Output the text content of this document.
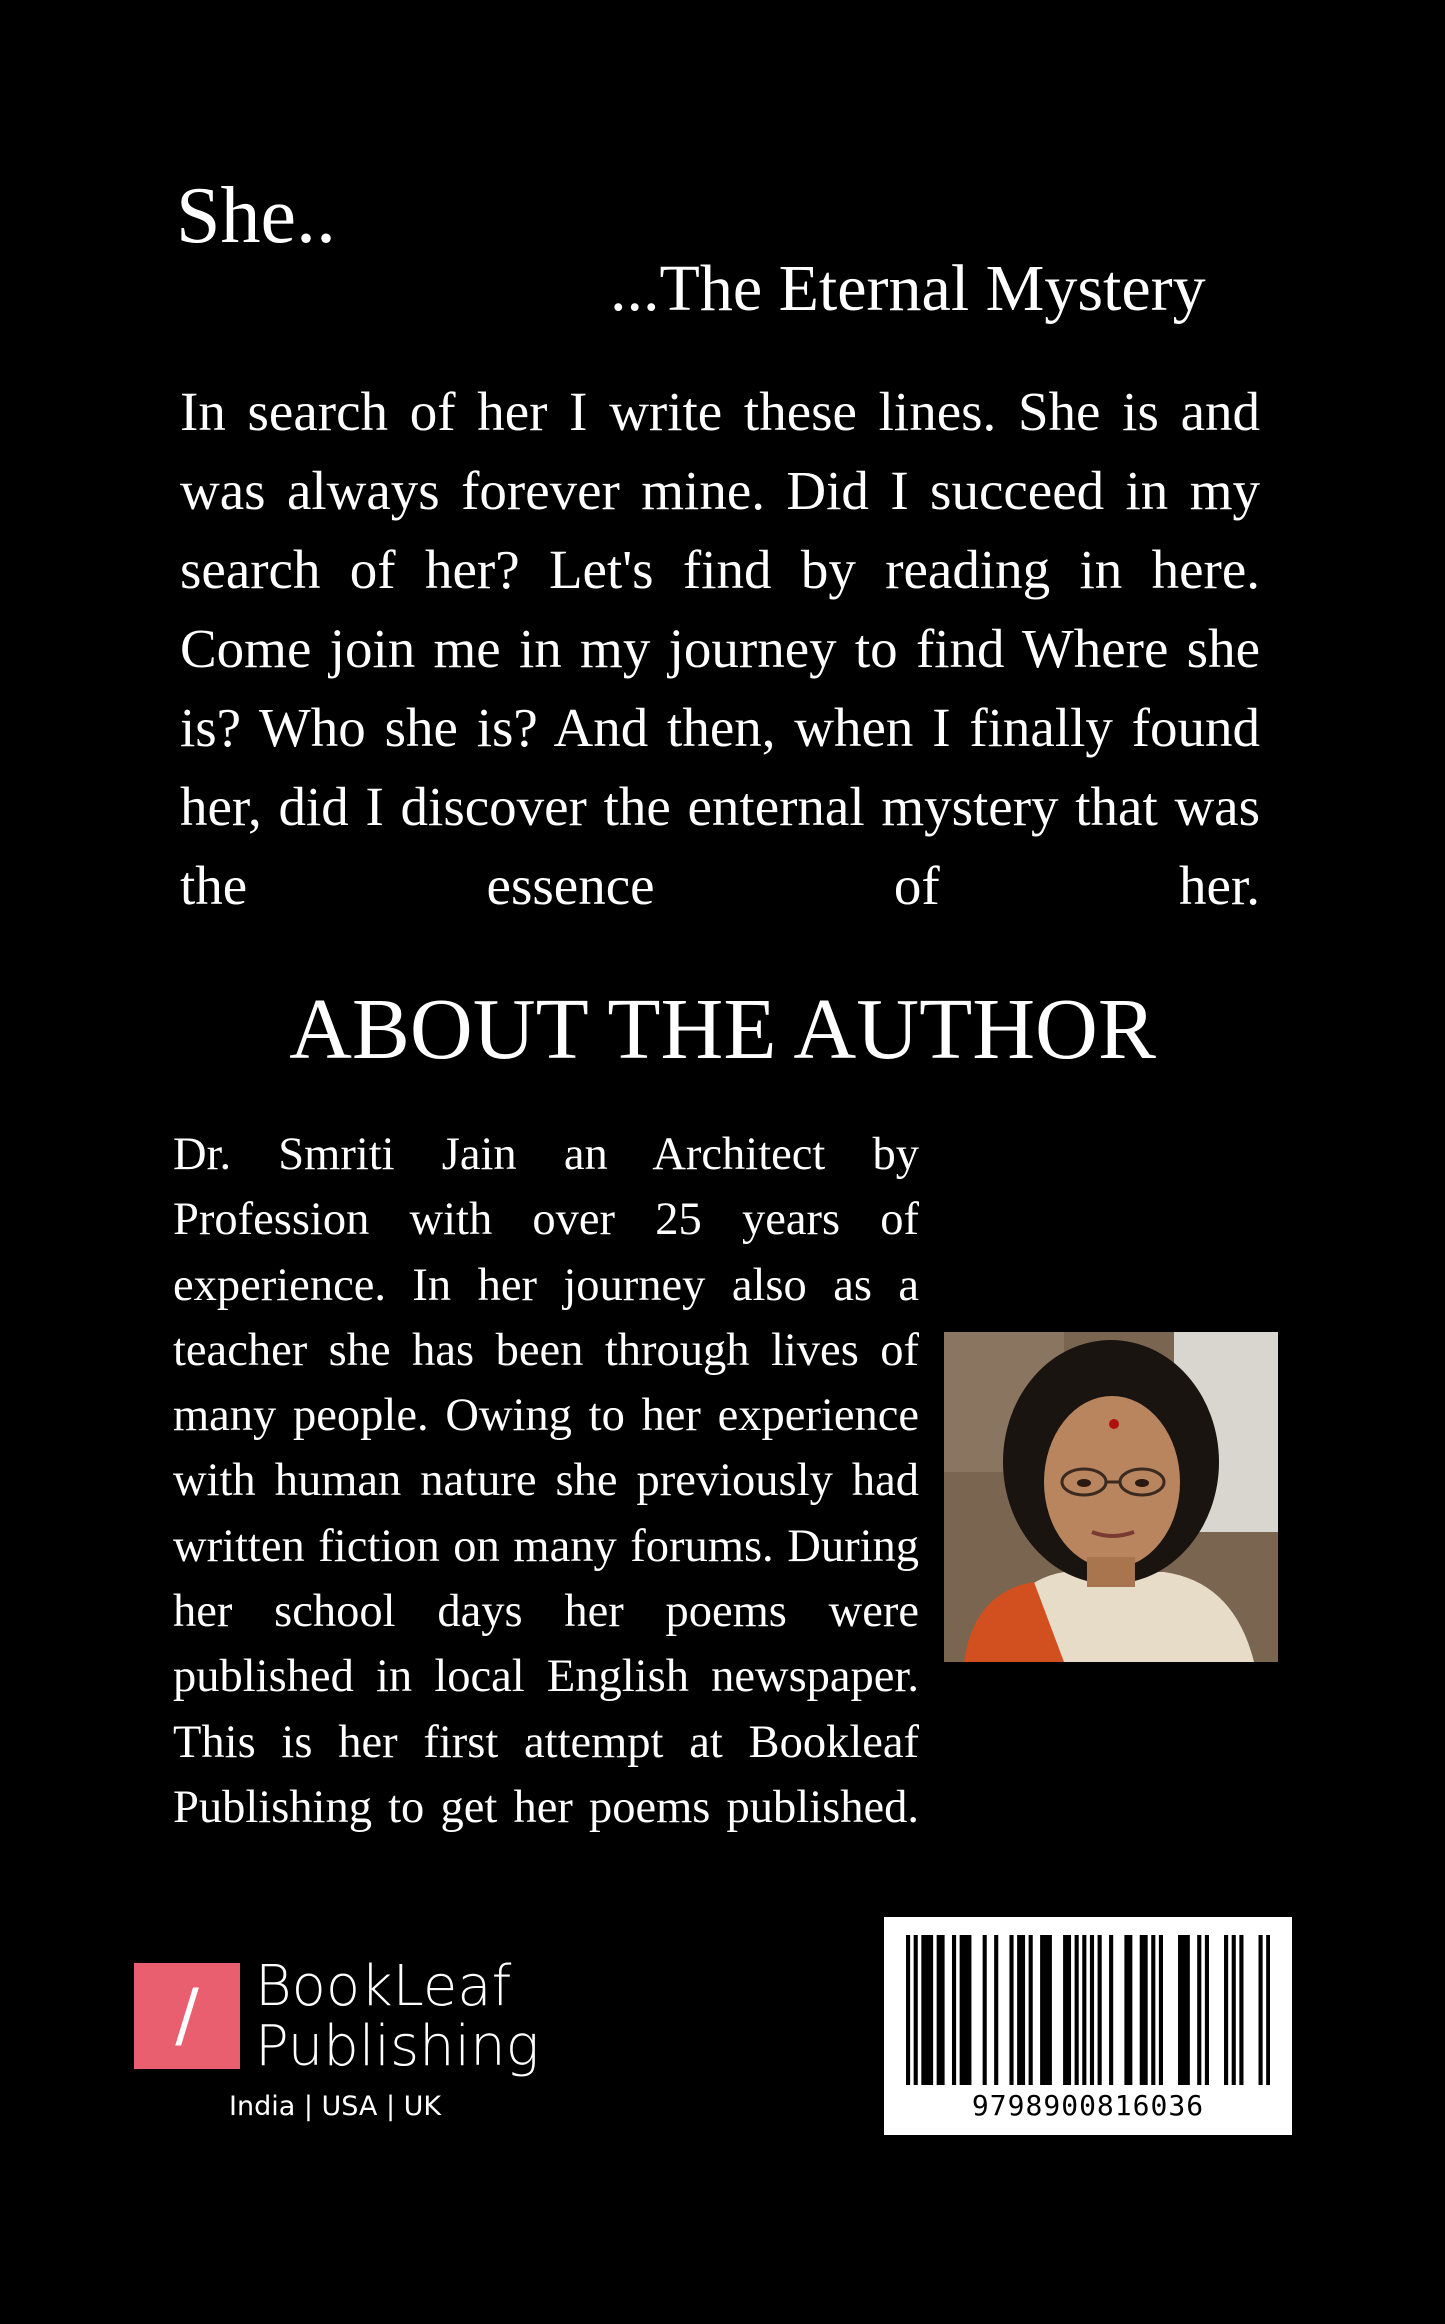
She..
...The Eternal Mystery
In search of her I write these lines. She is and was always forever mine. Did I succeed in my search of her? Let's find by reading in here. Come join me in my journey to find Where she is? Who she is? And then, when I finally found her, did I discover the enternal mystery that was the essence of her.
ABOUT THE AUTHOR
Dr. Smriti Jain an Architect by Profession with over 25 years of experience. In her journey also as a teacher she has been through lives of many people. Owing to her experience with human nature she previously had written fiction on many forums. During her school days her poems were published in local English newspaper. This is her first attempt at Bookleaf Publishing to get her poems published.
/	BookLeaf
Publishing
India | USA | UK	9798900816036
